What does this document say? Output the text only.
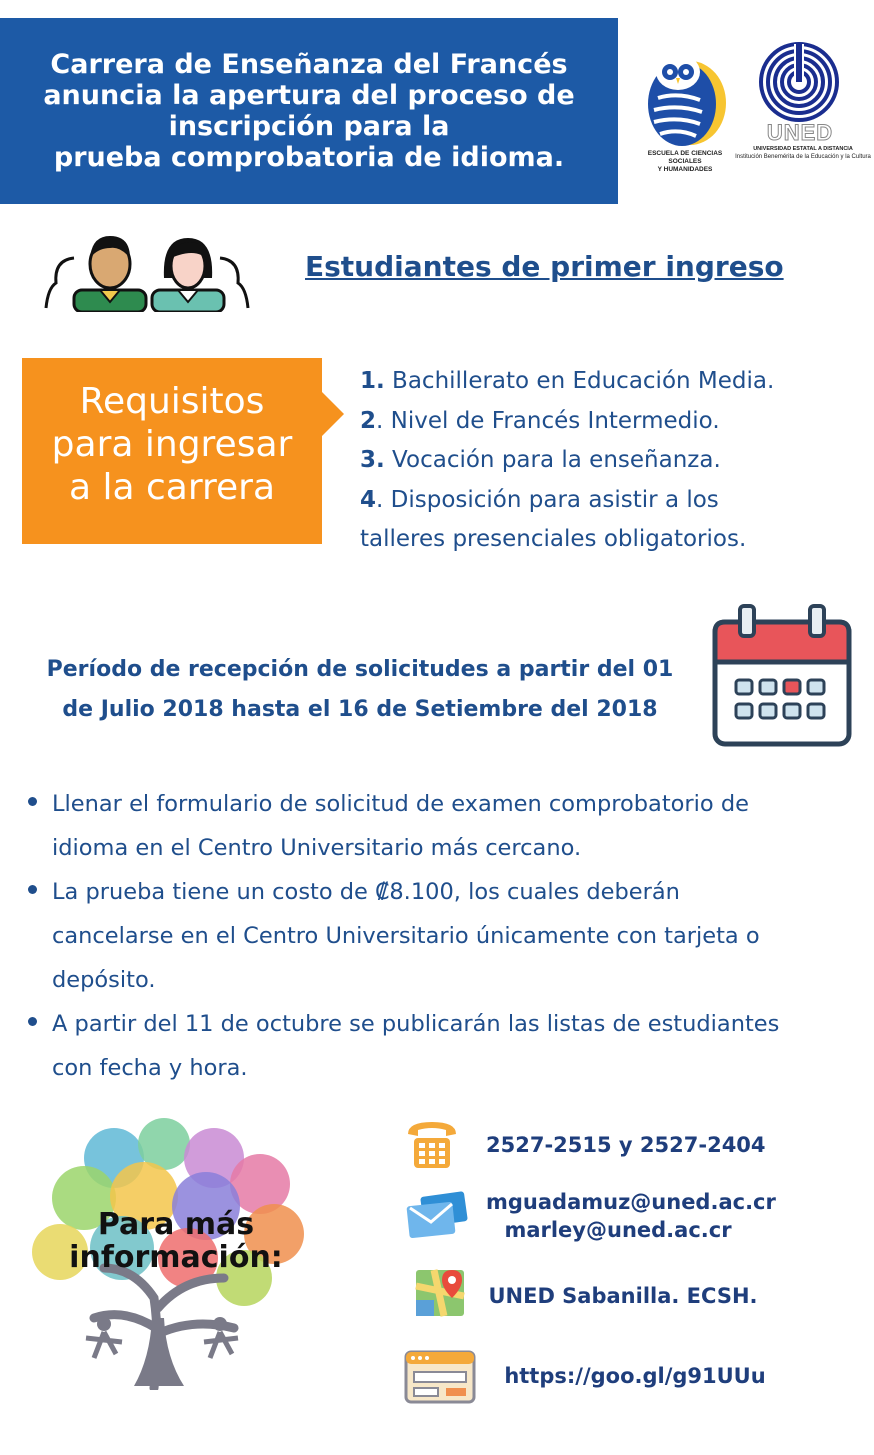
Carrera de Enseñanza del Francés
anuncia la apertura del proceso de
inscripción para la
prueba comprobatoria de idioma.	ESCUELA DE CIENCIAS SOCIALES
Y HUMANIDADES
UNED
UNIVERSIDAD ESTATAL A DISTANCIA
Institución Benemérita de la Educación y la Cultura
Estudiantes de primer ingreso
Requisitos
para ingresar
a la carrera
1. Bachillerato en Educación Media.
2. Nivel de Francés Intermedio.
3. Vocación para la enseñanza.
4. Disposición para asistir a los
talleres presenciales obligatorios.
Período de recepción de solicitudes a partir del 01
de Julio 2018 hasta el 16 de Setiembre del 2018
Llenar el formulario de solicitud de examen comprobatorio de
idioma en el Centro Universitario más cercano.
La prueba tiene un costo de ₡8.100, los cuales deberán
cancelarse en el Centro Universitario únicamente con tarjeta o
depósito.
A partir del 11 de octubre se publicarán las listas de estudiantes
con fecha y hora.
Para más
información:
2527-2515 y 2527-2404
mguadamuz@uned.ac.cr
marley@uned.ac.cr
UNED Sabanilla. ECSH.
https://goo.gl/g91UUu
